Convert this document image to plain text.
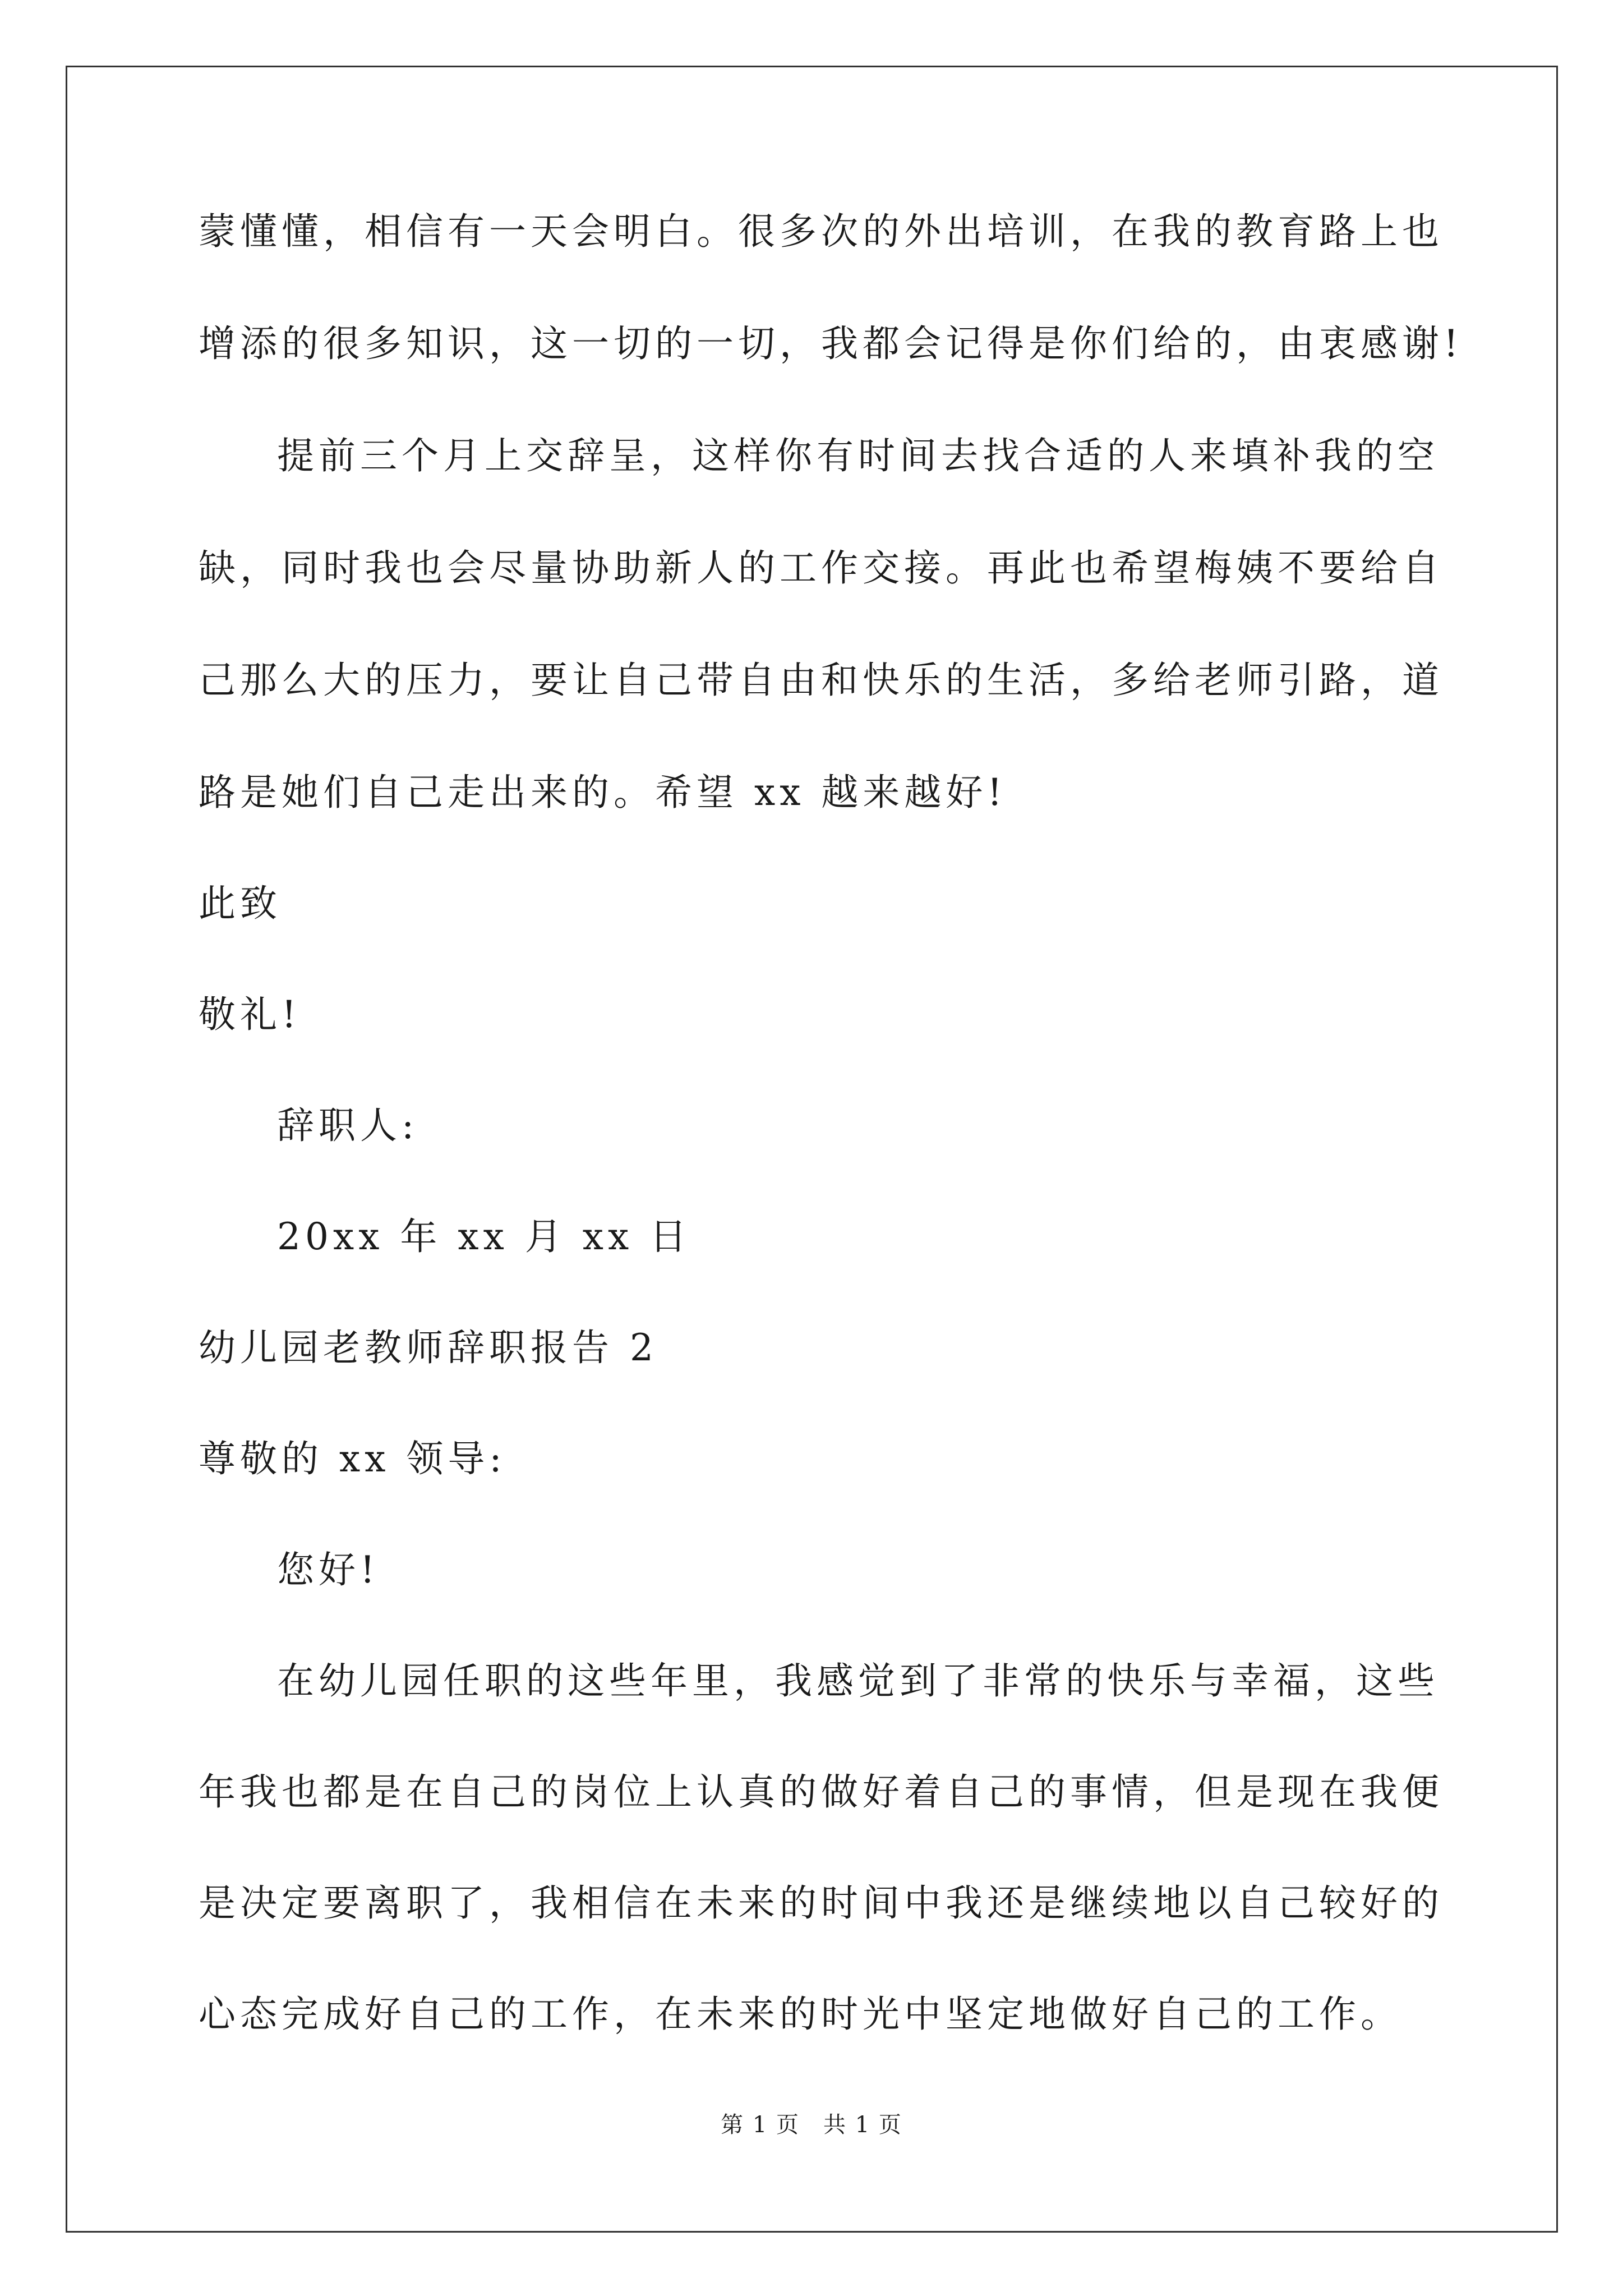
蒙懂懂，相信有一天会明白。很多次的外出培训，在我的教育路上也
增添的很多知识，这一切的一切，我都会记得是你们给的，由衷感谢!
提前三个月上交辞呈，这样你有时间去找合适的人来填补我的空
缺，同时我也会尽量协助新人的工作交接。再此也希望梅姨不要给自
己那么大的压力，要让自己带自由和快乐的生活，多给老师引路，道
路是她们自己走出来的。希望 xx 越来越好!
此致
敬礼!
辞职人:
20xx 年 xx 月 xx 日
幼儿园老教师辞职报告 2
尊敬的 xx 领导:
您好!
在幼儿园任职的这些年里，我感觉到了非常的快乐与幸福，这些
年我也都是在自己的岗位上认真的做好着自己的事情，但是现在我便
是决定要离职了，我相信在未来的时间中我还是继续地以自己较好的
心态完成好自己的工作，在未来的时光中坚定地做好自己的工作。
第 1 页　共 1 页
